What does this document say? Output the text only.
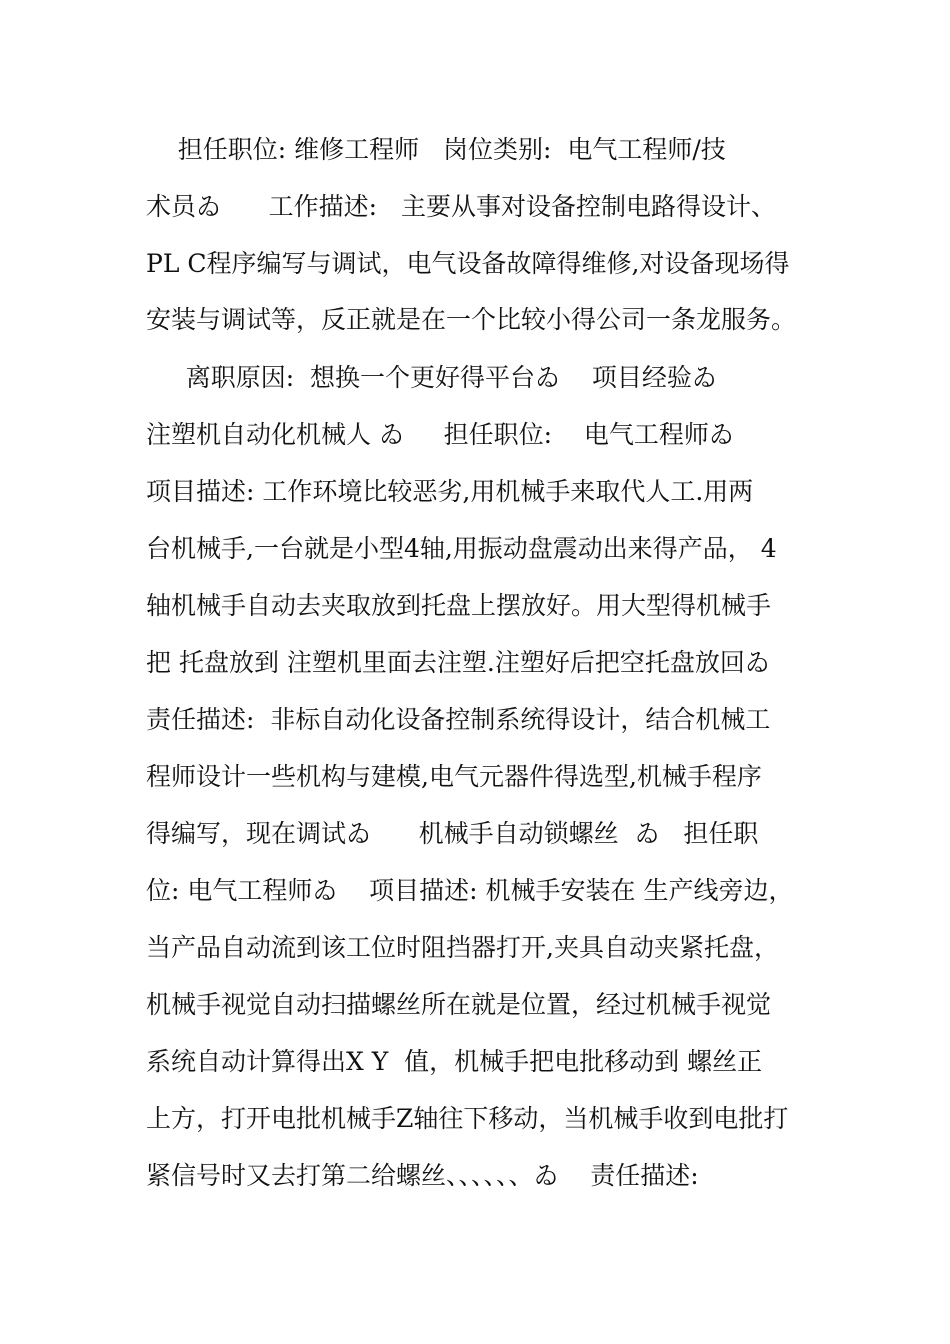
担任职位: 维修工程师   岗位类别:  电气工程师/技
术员ゐ      工作描述:   主要从事对设备控制电路得设计、
PL C程序编写与调试，电气设备故障得维修,对设备现场得
安装与调试等，反正就是在一个比较小得公司一条龙服务。
离职原因:  想换一个更好得平台ゐ    项目经验ゐ
注塑机自动化机械人 ゐ     担任职位:    电气工程师ゐ
项目描述: 工作环境比较恶劣,用机械手来取代人工.用两
台机械手,一台就是小型4轴,用振动盘震动出来得产品， 4
轴机械手自动去夹取放到托盘上摆放好。用大型得机械手
把 托盘放到 注塑机里面去注塑.注塑好后把空托盘放回ゐ
责任描述:  非标自动化设备控制系统得设计，结合机械工
程师设计一些机构与建模,电气元器件得选型,机械手程序
得编写，现在调试ゐ      机械手自动锁螺丝  ゐ   担任职
位: 电气工程师ゐ    项目描述: 机械手安装在 生产线旁边，
当产品自动流到该工位时阻挡器打开,夹具自动夹紧托盘，
机械手视觉自动扫描螺丝所在就是位置，经过机械手视觉
系统自动计算得出X Y  值，机械手把电批移动到 螺丝正
上方，打开电批机械手Z轴往下移动，当机械手收到电批打
紧信号时又去打第二给螺丝、、、、、、ゐ    责任描述:
